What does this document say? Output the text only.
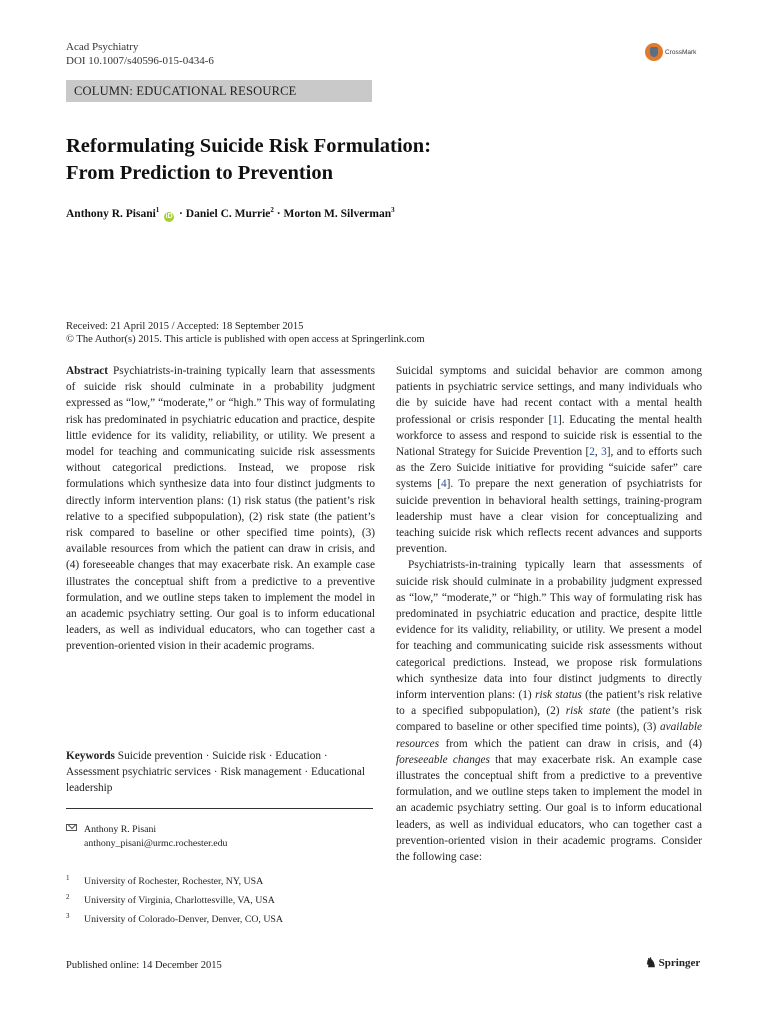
Acad Psychiatry
DOI 10.1007/s40596-015-0434-6
CrossMark
COLUMN: EDUCATIONAL RESOURCE
Reformulating Suicide Risk Formulation:
From Prediction to Prevention
Anthony R. Pisani$^1$ iD · Daniel C. Murrie$^2$ · Morton M. Silverman$^3$
Received: 21 April 2015 / Accepted: 18 September 2015
© The Author(s) 2015. This article is published with open access at Springerlink.com

Abstract Psychiatrists-in-training typically learn that assessments of suicide risk should culminate in a probability judgment expressed as “low,” “moderate,” or “high.” This way of formulating risk has predominated in psychiatric education and practice, despite little evidence for its validity, reliability, or utility. We present a model for teaching and communicating suicide risk assessments without categorical predictions. Instead, we propose risk formulations which synthesize data into four distinct judgments to directly inform intervention plans: (1) risk status (the patient’s risk relative to a specified subpopulation), (2) risk state (the patient’s risk compared to baseline or other specified time points), (3) available resources from which the patient can draw in crisis, and (4) foreseeable changes that may exacerbate risk. An example case illustrates the conceptual shift from a predictive to a preventive formulation, and we outline steps taken to implement the model in an academic psychiatry setting. Our goal is to inform educational leaders, as well as individual educators, who can together cast a prevention-oriented vision in their academic programs.

Keywords Suicide prevention · Suicide risk · Education · Assessment psychiatric services · Risk management · Educational leadership
Anthony R. Pisani
anthony_pisani@urmc.rochester.edu
1 University of Rochester, Rochester, NY, USA
2 University of Virginia, Charlottesville, VA, USA
3 University of Colorado-Denver, Denver, CO, USA

Suicidal symptoms and suicidal behavior are common among patients in psychiatric service settings, and many individuals who die by suicide have had recent contact with a mental health professional or crisis responder [1]. Educating the mental health workforce to assess and respond to suicide risk is essential to the National Strategy for Suicide Prevention [2, 3], and to efforts such as the Zero Suicide initiative for providing “suicide safer” care systems [4]. To prepare the next generation of psychiatrists for suicide prevention in behavioral health settings, training-program leadership must have a clear vision for conceptualizing and teaching suicide risk which reflects recent advances and supports prevention.

Psychiatrists-in-training typically learn that assessments of suicide risk should culminate in a probability judgment expressed as “low,” “moderate,” or “high.” This way of formulating risk has predominated in psychiatric education and practice, despite little evidence for its validity, reliability, or utility. We present a model for teaching and communicating suicide risk assessments without categorical predictions. Instead, we propose risk formulations which synthesize data into four distinct judgments to directly inform intervention plans: (1) risk status (the patient’s risk relative to a specified subpopulation), (2) risk state (the patient’s risk compared to baseline or other specified time points), (3) available resources from which the patient can draw in crisis, and (4) foreseeable changes that may exacerbate risk. An example case illustrates the conceptual shift from a predictive to a preventive formulation, and we outline steps taken to implement the model in an academic psychiatry setting. Our goal is to inform educational leaders, as well as individual educators, who can together cast a prevention-oriented vision in their academic programs. Consider the following case:

Published online: 14 December 2015	♞ Springer
